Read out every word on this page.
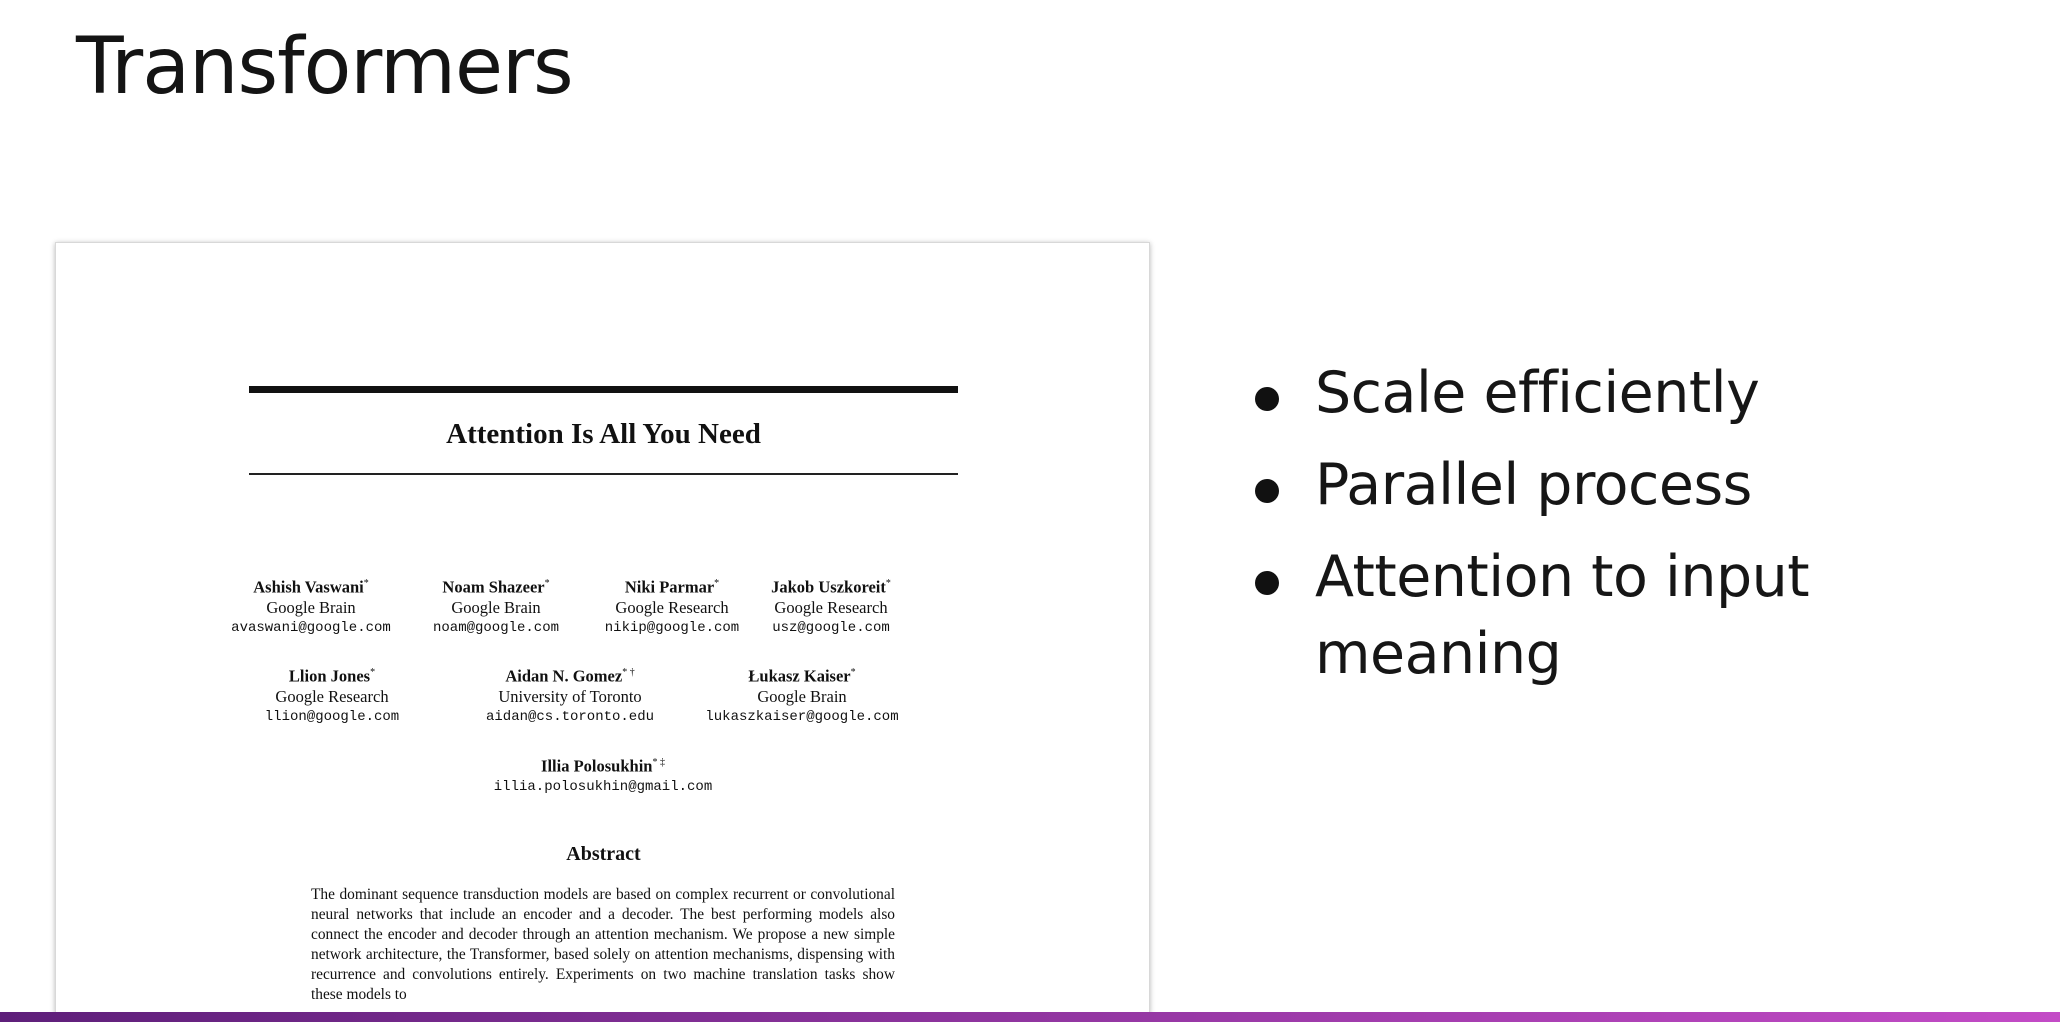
Transformers
Attention Is All You Need
Ashish Vaswani*
Google Brain
avaswani@google.com
Noam Shazeer*
Google Brain
noam@google.com
Niki Parmar*
Google Research
nikip@google.com
Jakob Uszkoreit*
Google Research
usz@google.com
Llion Jones*
Google Research
llion@google.com
Aidan N. Gomez* †
University of Toronto
aidan@cs.toronto.edu
Łukasz Kaiser*
Google Brain
lukaszkaiser@google.com
Illia Polosukhin* ‡
illia.polosukhin@gmail.com
Abstract
The dominant sequence transduction models are based on complex recurrent or convolutional neural networks that include an encoder and a decoder. The best performing models also connect the encoder and decoder through an attention mechanism. We propose a new simple network architecture, the Transformer, based solely on attention mechanisms, dispensing with recurrence and convolutions entirely. Experiments on two machine translation tasks show these models to
Scale efficiently
Parallel process
Attention to input meaning
